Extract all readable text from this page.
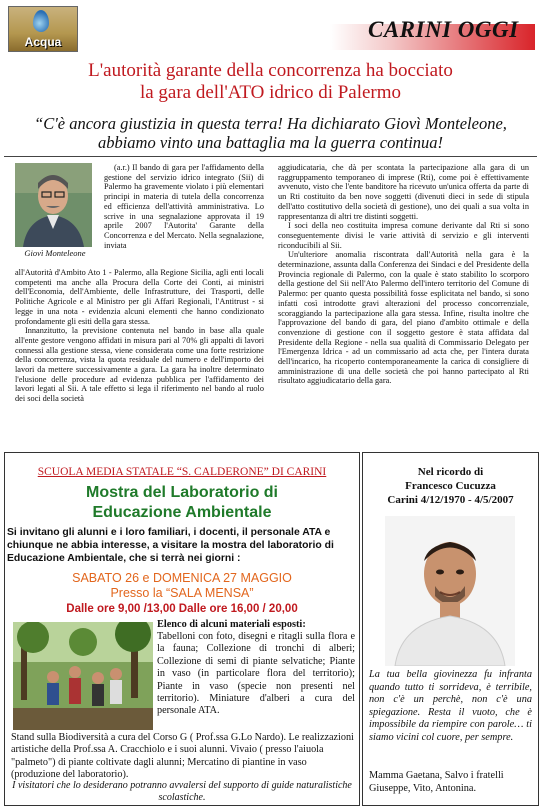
Acqua	CARINI OGGI
L'autorità garante della concorrenza ha bocciato
la gara dell'ATO idrico di Palermo
“C'è ancora giustizia in questa terra! Ha dichiarato Giovì Monteleone,
abbiamo vinto una battaglia ma la guerra continua!
Giovì Monteleone

(a.r.) Il bando di gara per l'affidamento della gestione del servizio idrico integrato (Sii) di Palermo ha gravemente violato i più elementari principi in materia di tutela della concorrenza ed efficienza dell'attività amministrativa. Lo scrive in una segnalazione approvata il 19 aprile 2007 l'Autorita' Garante della Concorrenza e del Mercato. Nella segnalazione, inviata

all'Autorità d'Ambito Ato 1 - Palermo, alla Regione Sicilia, agli enti locali competenti ma anche alla Procura della Corte dei Conti, ai ministri dell'Economia, dell'Ambiente, delle Infrastrutture, dei Trasporti, delle Politiche Agricole e al Ministro per gli Affari Regionali, l'Antitrust - si legge in una nota - evidenzia alcuni elementi che hanno condizionato profondamente gli esiti della gara stessa.

Innanzitutto, la previsione contenuta nel bando in base alla quale all'ente gestore vengono affidati in misura pari al 70% gli appalti di lavori connessi alla gestione stessa, viene considerata come una forte restrizione della concorrenza, vista la quota residuale del numero e dell'importo dei lavori da mettere successivamente a gara. La gara ha inoltre determinato l'elusione delle procedure ad evidenza pubblica per l'affidamento dei lavori legati al Sii. A tale effetto si lega il riferimento nel bando al ruolo dei soci della società

aggiudicataria, che dà per scontata la partecipazione alla gara di un raggruppamento temporaneo di imprese (Rti), come poi è effettivamente avvenuto, visto che l'ente banditore ha ricevuto un'unica offerta da parte di un Rti costituito da ben nove soggetti (divenuti dieci in sede di stipula dell'atto costitutivo della società di gestione), uno dei quali a sua volta in rappresentanza di altri tre distinti soggetti.

I soci della neo costituita impresa comune derivante dal Rti si sono conseguentemente divisi le varie attività di servizio e gli interventi riconducibili al Sii.

Un'ulteriore anomalia riscontrata dall'Autorità nella gara è la determinazione, assunta dalla Conferenza dei Sindaci e del Presidente della Provincia regionale di Palermo, con la quale è stato stabilito lo scorporo della gestione del Sii nell'Ato Palermo dell'intero territorio del Comune di Palermo: per quanto questa possibilità fosse esplicitata nel bando, si sono infatti così introdotte gravi alterazioni del processo concorrenziale, scoraggiando la partecipazione alla gara stessa. Infine, risulta inoltre che l'approvazione del bando di gara, del piano d'ambito ottimale e della convenzione di gestione con il soggetto gestore è stata affidata dal Presidente della Regione - nella sua qualità di Commissario Delegato per l'Emergenza Idrica - ad un commissario ad acta che, per l'intera durata dell'incarico, ha ricoperto contemporaneamente la carica di consigliere di amministrazione di una delle società che poi hanno partecipato al Rti risultato aggiudicatario della gara.

SCUOLA MEDIA STATALE “S. CALDERONE” DI CARINI
Mostra del Laboratorio di
Educazione Ambientale
Si invitano gli alunni e i loro familiari, i docenti, il personale ATA e chiunque ne abbia interesse, a visitare la mostra del laboratorio di Educazione Ambientale, che si terrà nei giorni :
SABATO 26 e DOMENICA 27 MAGGIO
Presso la “SALA MENSA”
Dalle ore 9,00 /13,00 Dalle ore 16,00 / 20,00
Elenco di alcuni materiali esposti:
Tabelloni con foto, disegni e ritagli sulla flora e la fauna; Collezione di tronchi di alberi; Collezione di semi di piante selvatiche; Piante in vaso (in particolare flora del territorio); Piante in vaso (specie non presenti nel territorio). Miniature d'alberi a cura del personale ATA.
Stand sulla Biodiversità a cura del Corso G ( Prof.ssa G.Lo Nardo). Le realizzazioni artistiche della Prof.ssa A. Cracchiolo e i suoi alunni. Vivaio ( presso l'aiuola "palmeto") di piante coltivate dagli alunni; Mercatino di piantine in vaso (produzione del laboratorio).
I visitatori che lo desiderano potranno avvalersi del supporto di guide naturalistiche scolastiche.
Nel ricordo di
Francesco Cucuzza
Carini 4/12/1970 - 4/5/2007
La tua bella giovinezza fu infranta quando tutto ti sorrideva, è terribile, non c'è un perchè, non c'è una spiegazione. Resta il vuoto, che è impossibile da riempire con parole… ti siamo vicini col cuore, per sempre.
Mamma Gaetana, Salvo i fratelli Giuseppe, Vito, Antonina.
